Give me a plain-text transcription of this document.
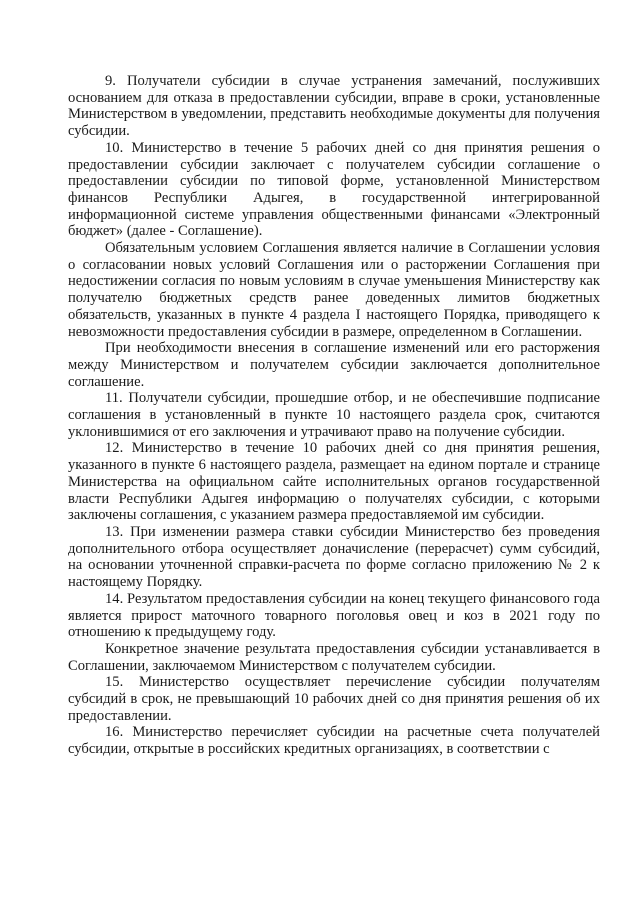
9. Получатели субсидии в случае устранения замечаний, послуживших основанием для отказа в предоставлении субсидии, вправе в сроки, установленные Министерством в уведомлении, представить необходимые документы для получения субсидии.

10. Министерство в течение 5 рабочих дней со дня принятия решения о предоставлении субсидии заключает с получателем субсидии соглашение о предоставлении субсидии по типовой форме, установленной Министерством финансов Республики Адыгея, в государственной интегрированной информационной системе управления общественными финансами «Электронный бюджет» (далее - Соглашение).

Обязательным условием Соглашения является наличие в Соглашении условия о согласовании новых условий Соглашения или о расторжении Соглашения при недостижении согласия по новым условиям в случае уменьшения Министерству как получателю бюджетных средств ранее доведенных лимитов бюджетных обязательств, указанных в пункте 4 раздела I настоящего Порядка, приводящего к невозможности предоставления субсидии в размере, определенном в Соглашении.

При необходимости внесения в соглашение изменений или его расторжения между Министерством и получателем субсидии заключается дополнительное соглашение.

11. Получатели субсидии, прошедшие отбор, и не обеспечившие подписание соглашения в установленный в пункте 10 настоящего раздела срок, считаются уклонившимися от его заключения и утрачивают право на получение субсидии.

12. Министерство в течение 10 рабочих дней со дня принятия решения, указанного в пункте 6 настоящего раздела, размещает на едином портале и странице Министерства на официальном сайте исполнительных органов государственной власти Республики Адыгея информацию о получателях субсидии, с которыми заключены соглашения, с указанием размера предоставляемой им субсидии.

13. При изменении размера ставки субсидии Министерство без проведения дополнительного отбора осуществляет доначисление (перерасчет) сумм субсидий, на основании уточненной справки-расчета по форме согласно приложению № 2 к настоящему Порядку.

14. Результатом предоставления субсидии на конец текущего финансового года является прирост маточного товарного поголовья овец и коз в 2021 году по отношению к предыдущему году.

Конкретное значение результата предоставления субсидии устанавливается в Соглашении, заключаемом Министерством с получателем субсидии.

15. Министерство осуществляет перечисление субсидии получателям субсидий в срок, не превышающий 10 рабочих дней со дня принятия решения об их предоставлении.

16. Министерство перечисляет субсидии на расчетные счета получателей субсидии, открытые в российских кредитных организациях, в соответствии с
